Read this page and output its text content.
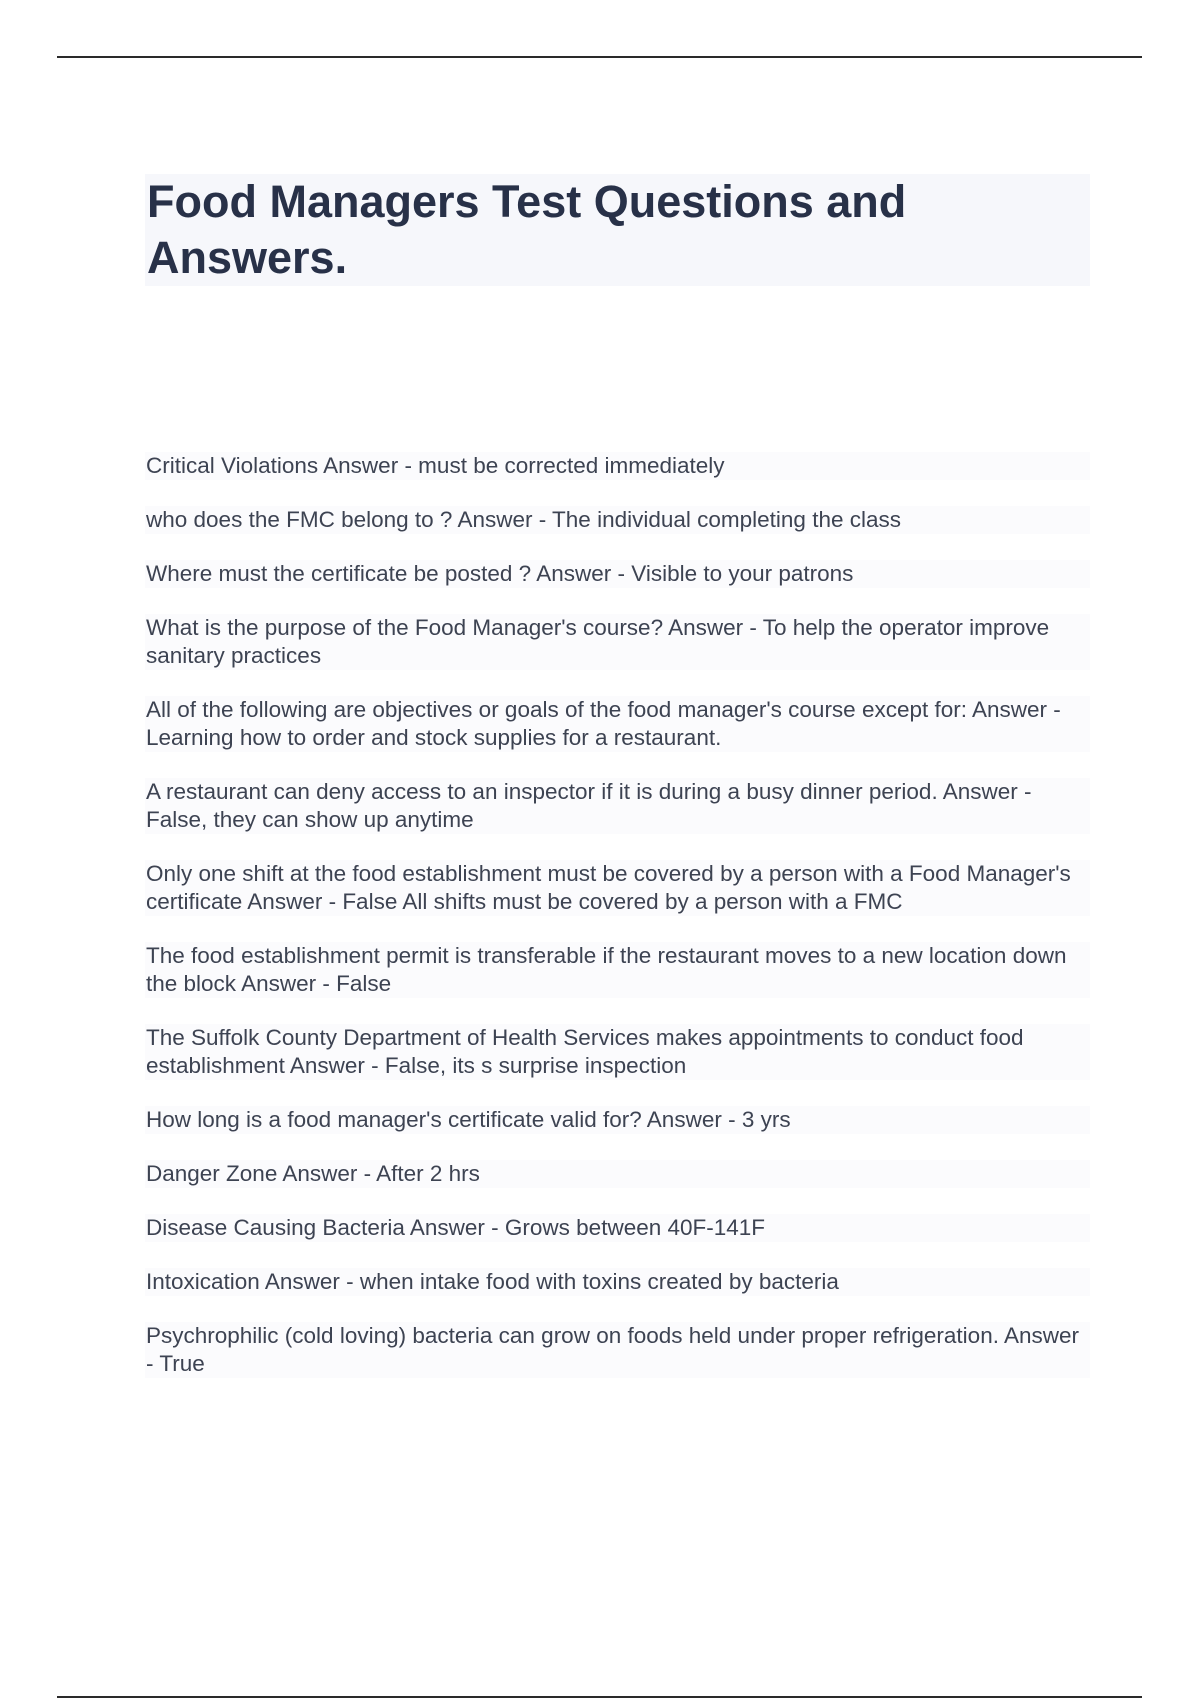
Food Managers Test Questions and Answers.

Critical Violations Answer - must be corrected immediately

who does the FMC belong to ? Answer - The individual completing the class

Where must the certificate be posted ? Answer - Visible to your patrons

What is the purpose of the Food Manager's course? Answer - To help the operator improve sanitary practices

All of the following are objectives or goals of the food manager's course except for: Answer - Learning how to order and stock supplies for a restaurant.

A restaurant can deny access to an inspector if it is during a busy dinner period. Answer - False, they can show up anytime

Only one shift at the food establishment must be covered by a person with a Food Manager's certificate Answer - False All shifts must be covered by a person with a FMC

The food establishment permit is transferable if the restaurant moves to a new location down the block Answer - False

The Suffolk County Department of Health Services makes appointments to conduct food establishment Answer - False, its s surprise inspection

How long is a food manager's certificate valid for? Answer - 3 yrs

Danger Zone Answer - After 2 hrs

Disease Causing Bacteria Answer - Grows between 40F-141F

Intoxication Answer - when intake food with toxins created by bacteria

Psychrophilic (cold loving) bacteria can grow on foods held under proper refrigeration. Answer - True
